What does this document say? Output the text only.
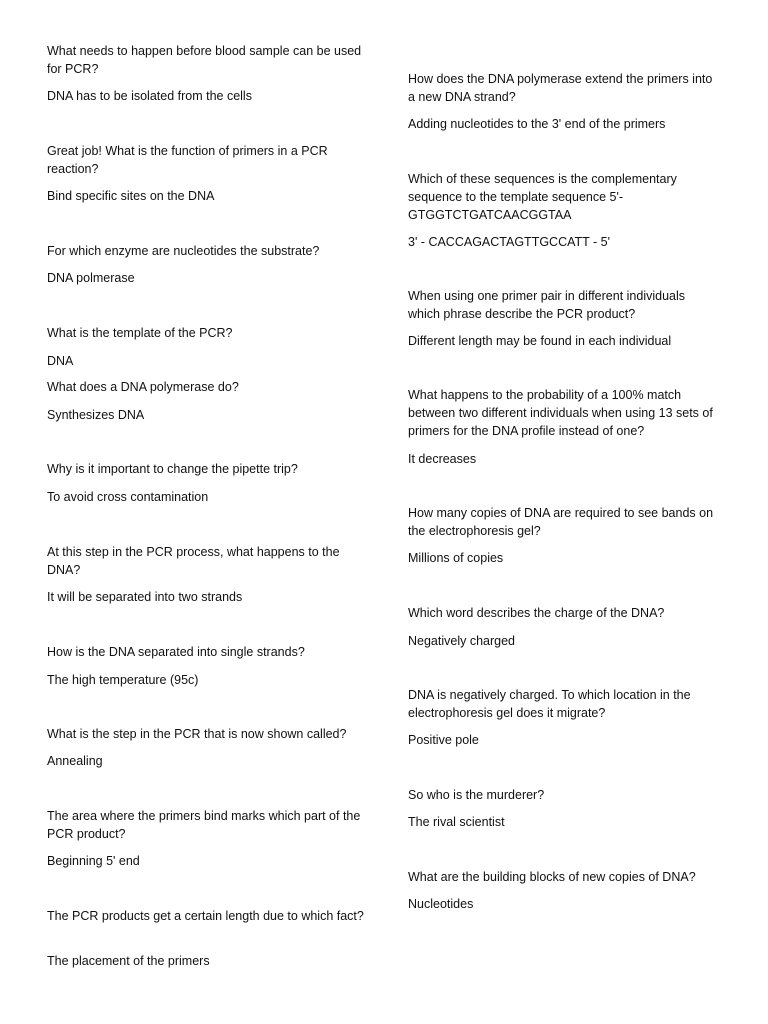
What needs to happen before blood sample can be used for PCR?

DNA has to be isolated from the cells

Great job! What is the function of primers in a PCR reaction?

Bind specific sites on the DNA

For which enzyme are nucleotides the substrate?

DNA polmerase

What is the template of the PCR?

DNA

What does a DNA polymerase do?

Synthesizes DNA

Why is it important to change the pipette trip?

To avoid cross contamination

At this step in the PCR process, what happens to the DNA?

It will be separated into two strands

How is the DNA separated into single strands?

The high temperature (95c)

What is the step in the PCR that is now shown called?

Annealing

The area where the primers bind marks which part of the PCR product?

Beginning 5' end

The PCR products get a certain length due to which fact?

The placement of the primers

How does the DNA polymerase extend the primers into a new DNA strand?

Adding nucleotides to the 3' end of the primers

Which of these sequences is the complementary sequence to the template sequence 5'- GTGGTCTGATCAACGGTAA

3' - CACCAGACTAGTTGCCATT - 5'

When using one primer pair in different individuals which phrase describe the PCR product?

Different length may be found in each individual

What happens to the probability of a 100% match between two different individuals when using 13 sets of primers for the DNA profile instead of one?

It decreases

How many copies of DNA are required to see bands on the electrophoresis gel?

Millions of copies

Which word describes the charge of the DNA?

Negatively charged

DNA is negatively charged. To which location in the electrophoresis gel does it migrate?

Positive pole

So who is the murderer?

The rival scientist

What are the building blocks of new copies of DNA?

Nucleotides
